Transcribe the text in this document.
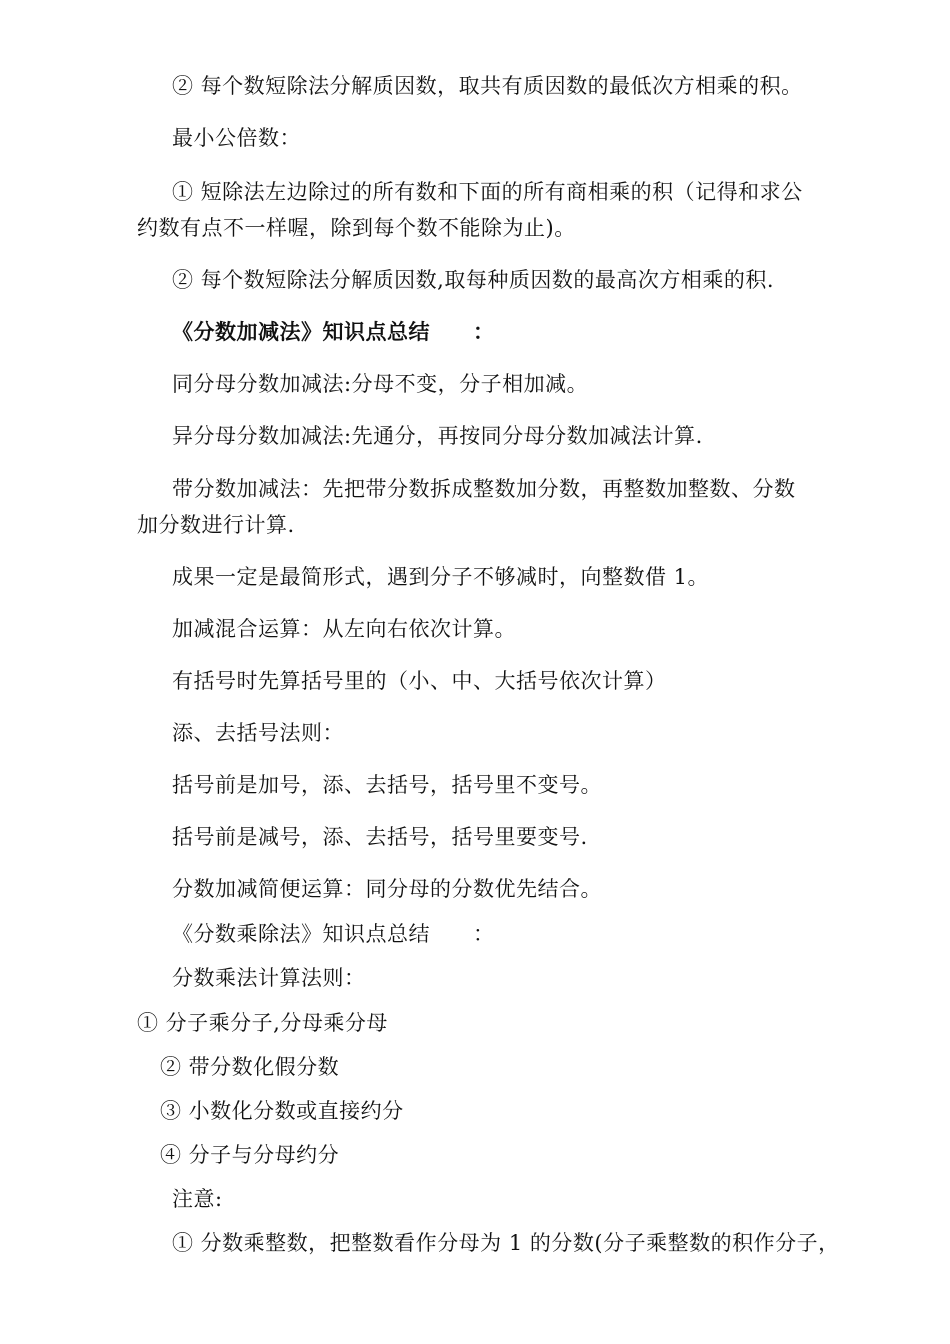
② 每个数短除法分解质因数，取共有质因数的最低次方相乘的积。
最小公倍数：
① 短除法左边除过的所有数和下面的所有商相乘的积（记得和求公
约数有点不一样喔，除到每个数不能除为止)。
② 每个数短除法分解质因数,取每种质因数的最高次方相乘的积.
《分数加减法》知识点总结　　：
同分母分数加减法:分母不变，分子相加减。
异分母分数加减法:先通分，再按同分母分数加减法计算.
带分数加减法：先把带分数拆成整数加分数，再整数加整数、分数
加分数进行计算.
成果一定是最简形式，遇到分子不够减时，向整数借 1。
加减混合运算：从左向右依次计算。
有括号时先算括号里的（小、中、大括号依次计算）
添、去括号法则：
括号前是加号，添、去括号，括号里不变号。
括号前是减号，添、去括号，括号里要变号.
分数加减简便运算：同分母的分数优先结合。
《分数乘除法》知识点总结　　：
分数乘法计算法则：
① 分子乘分子,分母乘分母
② 带分数化假分数
③ 小数化分数或直接约分
④ 分子与分母约分
注意:
① 分数乘整数，把整数看作分母为 1 的分数(分子乘整数的积作分子，
